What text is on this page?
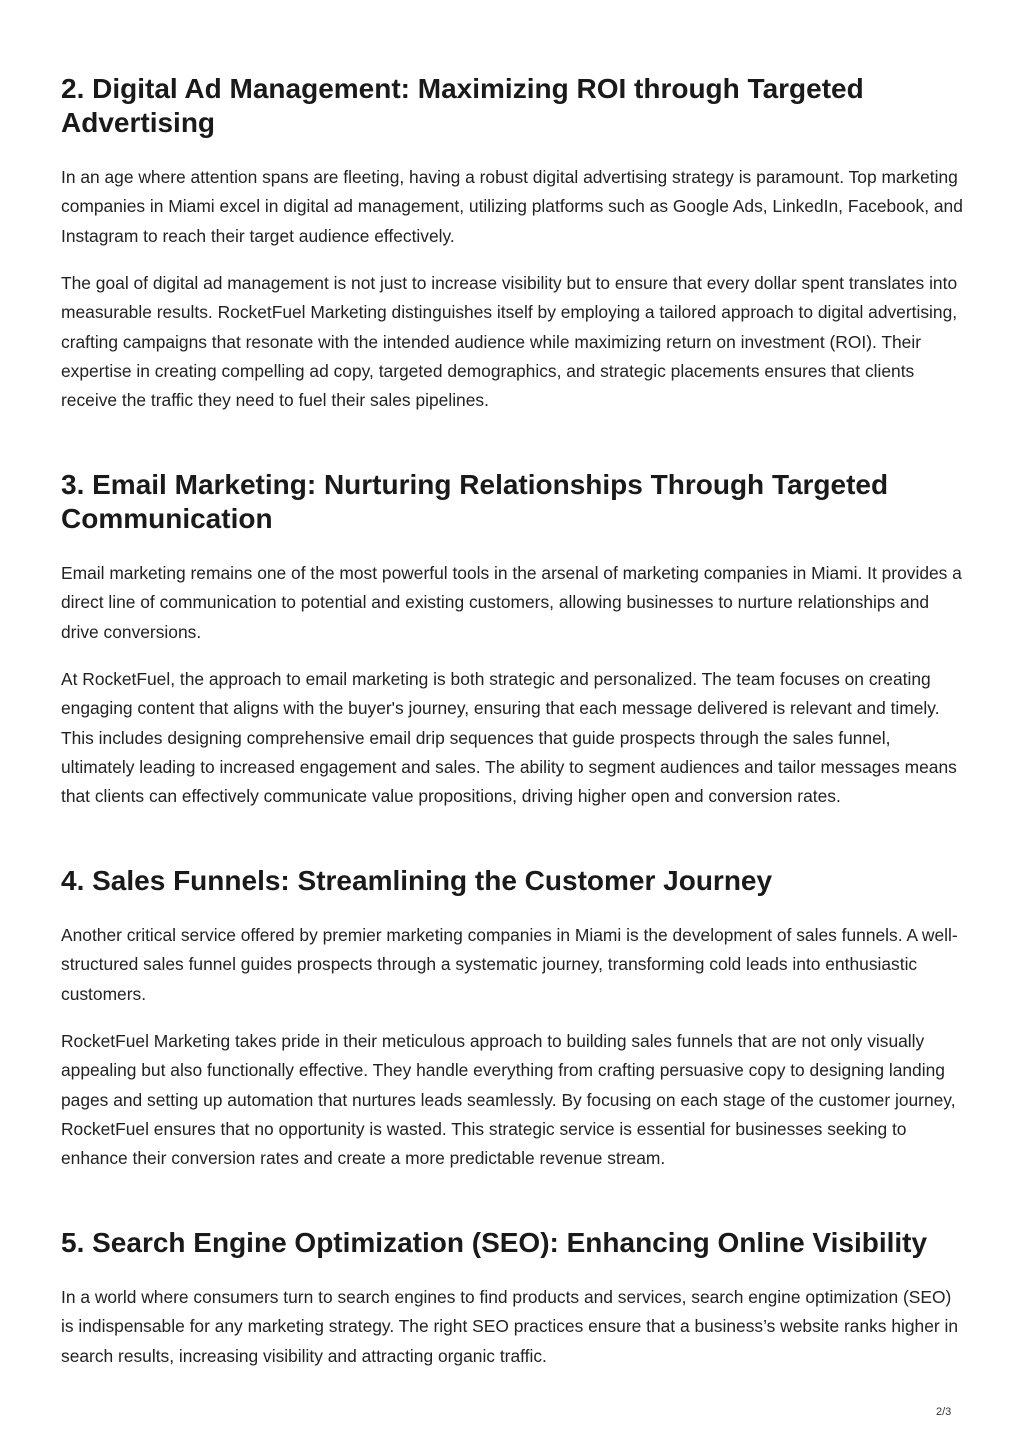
2. Digital Ad Management: Maximizing ROI through Targeted Advertising

In an age where attention spans are fleeting, having a robust digital advertising strategy is paramount. Top marketing companies in Miami excel in digital ad management, utilizing platforms such as Google Ads, LinkedIn, Facebook, and Instagram to reach their target audience effectively.

The goal of digital ad management is not just to increase visibility but to ensure that every dollar spent translates into measurable results. RocketFuel Marketing distinguishes itself by employing a tailored approach to digital advertising, crafting campaigns that resonate with the intended audience while maximizing return on investment (ROI). Their expertise in creating compelling ad copy, targeted demographics, and strategic placements ensures that clients receive the traffic they need to fuel their sales pipelines.

3. Email Marketing: Nurturing Relationships Through Targeted Communication

Email marketing remains one of the most powerful tools in the arsenal of marketing companies in Miami. It provides a direct line of communication to potential and existing customers, allowing businesses to nurture relationships and drive conversions.

At RocketFuel, the approach to email marketing is both strategic and personalized. The team focuses on creating engaging content that aligns with the buyer's journey, ensuring that each message delivered is relevant and timely. This includes designing comprehensive email drip sequences that guide prospects through the sales funnel, ultimately leading to increased engagement and sales. The ability to segment audiences and tailor messages means that clients can effectively communicate value propositions, driving higher open and conversion rates.

4. Sales Funnels: Streamlining the Customer Journey

Another critical service offered by premier marketing companies in Miami is the development of sales funnels. A well-structured sales funnel guides prospects through a systematic journey, transforming cold leads into enthusiastic customers.

RocketFuel Marketing takes pride in their meticulous approach to building sales funnels that are not only visually appealing but also functionally effective. They handle everything from crafting persuasive copy to designing landing pages and setting up automation that nurtures leads seamlessly. By focusing on each stage of the customer journey, RocketFuel ensures that no opportunity is wasted. This strategic service is essential for businesses seeking to enhance their conversion rates and create a more predictable revenue stream.

5. Search Engine Optimization (SEO): Enhancing Online Visibility

In a world where consumers turn to search engines to find products and services, search engine optimization (SEO) is indispensable for any marketing strategy. The right SEO practices ensure that a business’s website ranks higher in search results, increasing visibility and attracting organic traffic.

2/3
